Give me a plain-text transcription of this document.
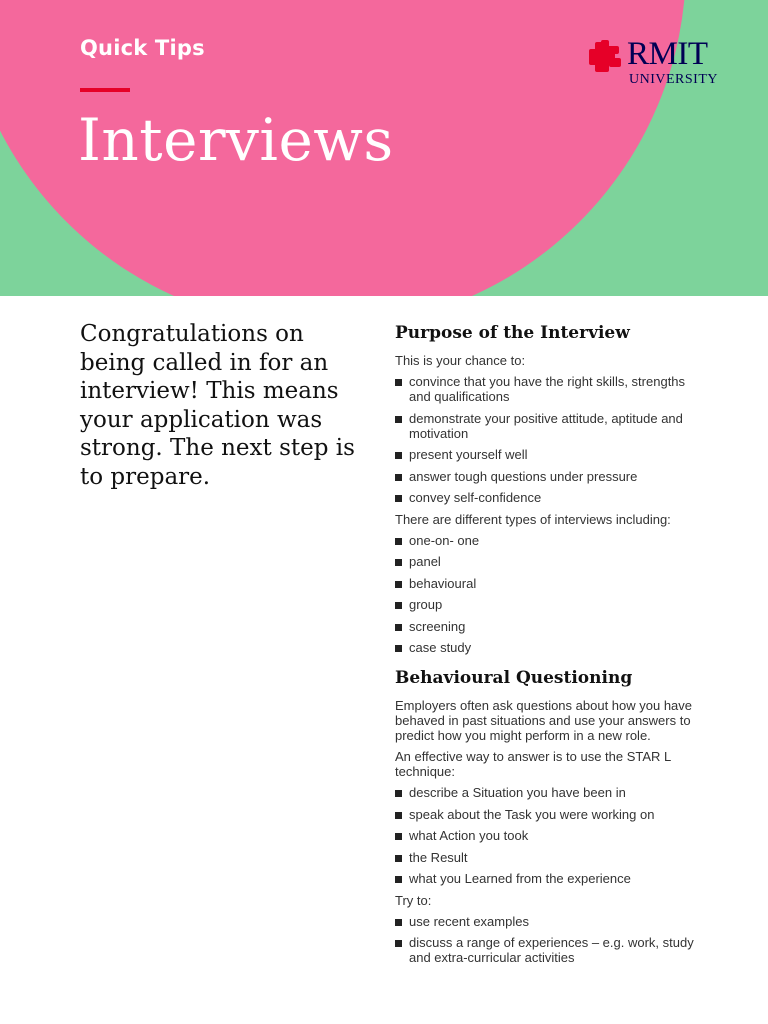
Quick Tips
Interviews
RMIT
UNIVERSITY

Congratulations on being called in for an interview! This means your application was strong. The next step is to prepare.

Purpose of the Interview

This is your chance to:

convince that you have the right skills, strengths and qualifications
demonstrate your positive attitude, aptitude and motivation
present yourself well
answer tough questions under pressure
convey self-confidence

There are different types of interviews including:

one-on- one
panel
behavioural
group
screening
case study
Behavioural Questioning

Employers often ask questions about how you have behaved in past situations and use your answers to predict how you might perform in a new role.

An effective way to answer is to use the STAR L technique:

describe a Situation you have been in
speak about the Task you were working on
what Action you took
the Result
what you Learned from the experience

Try to:

use recent examples
discuss a range of experiences – e.g. work, study and extra-curricular activities
